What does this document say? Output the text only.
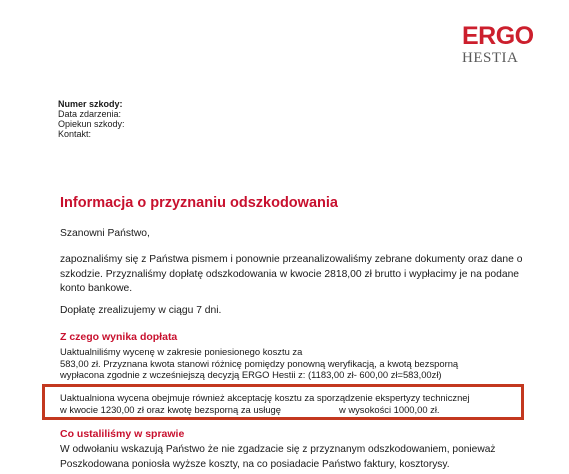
ERGO
HESTIA
Numer szkody:
Data zdarzenia:
Opiekun szkody:
Kontakt:
Informacja o przyznaniu odszkodowania
Szanowni Państwo,
zapoznaliśmy się z Państwa pismem i ponownie przeanalizowaliśmy zebrane dokumenty oraz dane o
szkodzie. Przyznaliśmy dopłatę odszkodowania w kwocie 2818,00 zł brutto i wypłacimy je na podane
konto bankowe.
Dopłatę zrealizujemy w ciągu 7 dni.
Z czego wynika dopłata
Uaktualniliśmy wycenę w zakresie poniesionego kosztu za
583,00 zł. Przyznana kwota stanowi różnicę pomiędzy ponowną weryfikacją, a kwotą bezsporną
wypłacona zgodnie z wcześniejszą decyzją ERGO Hestii z: (1183,00 zł- 600,00 zł=583,00zł)
Uaktualniona wycena obejmuje również akceptację kosztu za sporządzenie ekspertyzy technicznej
w kwocie 1230,00 zł oraz kwotę bezsporną za usługę	w wysokości 1000,00 zł.
Co ustaliliśmy w sprawie
W odwołaniu wskazują Państwo że nie zgadzacie się z przyznanym odszkodowaniem, ponieważ
Poszkodowana poniosła wyższe koszty, na co posiadacie Państwo faktury, kosztorysy.
